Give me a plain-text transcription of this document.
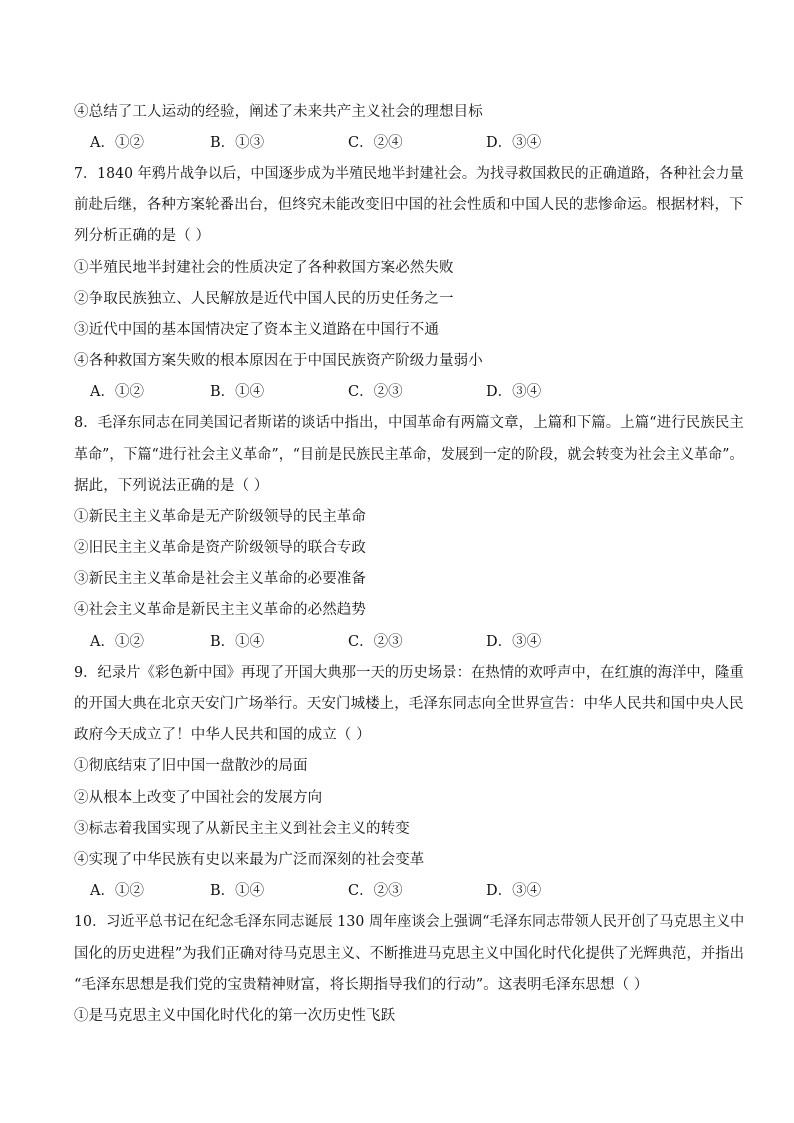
④总结了工人运动的经验，阐述了未来共产主义社会的理想目标
A．①②	B．①③	C．②④	D．③④
7．1840 年鸦片战争以后，中国逐步成为半殖民地半封建社会。为找寻救国救民的正确道路，各种社会力量
前赴后继，各种方案轮番出台，但终究未能改变旧中国的社会性质和中国人民的悲惨命运。根据材料，下
列分析正确的是（ ）
①半殖民地半封建社会的性质决定了各种救国方案必然失败
②争取民族独立、人民解放是近代中国人民的历史任务之一
③近代中国的基本国情决定了资本主义道路在中国行不通
④各种救国方案失败的根本原因在于中国民族资产阶级力量弱小
A．①②	B．①④	C．②③	D．③④
8．毛泽东同志在同美国记者斯诺的谈话中指出，中国革命有两篇文章，上篇和下篇。上篇“进行民族民主
革命”，下篇“进行社会主义革命”，“目前是民族民主革命，发展到一定的阶段，就会转变为社会主义革命”。
据此，下列说法正确的是（ ）
①新民主主义革命是无产阶级领导的民主革命
②旧民主主义革命是资产阶级领导的联合专政
③新民主主义革命是社会主义革命的必要准备
④社会主义革命是新民主主义革命的必然趋势
A．①②	B．①④	C．②③	D．③④
9．纪录片《彩色新中国》再现了开国大典那一天的历史场景：在热情的欢呼声中，在红旗的海洋中，隆重
的开国大典在北京天安门广场举行。天安门城楼上，毛泽东同志向全世界宣告：中华人民共和国中央人民
政府今天成立了！中华人民共和国的成立（ ）
①彻底结束了旧中国一盘散沙的局面
②从根本上改变了中国社会的发展方向
③标志着我国实现了从新民主主义到社会主义的转变
④实现了中华民族有史以来最为广泛而深刻的社会变革
A．①②	B．①④	C．②③	D．③④
10．习近平总书记在纪念毛泽东同志诞辰 130 周年座谈会上强调“毛泽东同志带领人民开创了马克思主义中
国化的历史进程”为我们正确对待马克思主义、不断推进马克思主义中国化时代化提供了光辉典范，并指出
“毛泽东思想是我们党的宝贵精神财富，将长期指导我们的行动”。这表明毛泽东思想（ ）
①是马克思主义中国化时代化的第一次历史性飞跃
